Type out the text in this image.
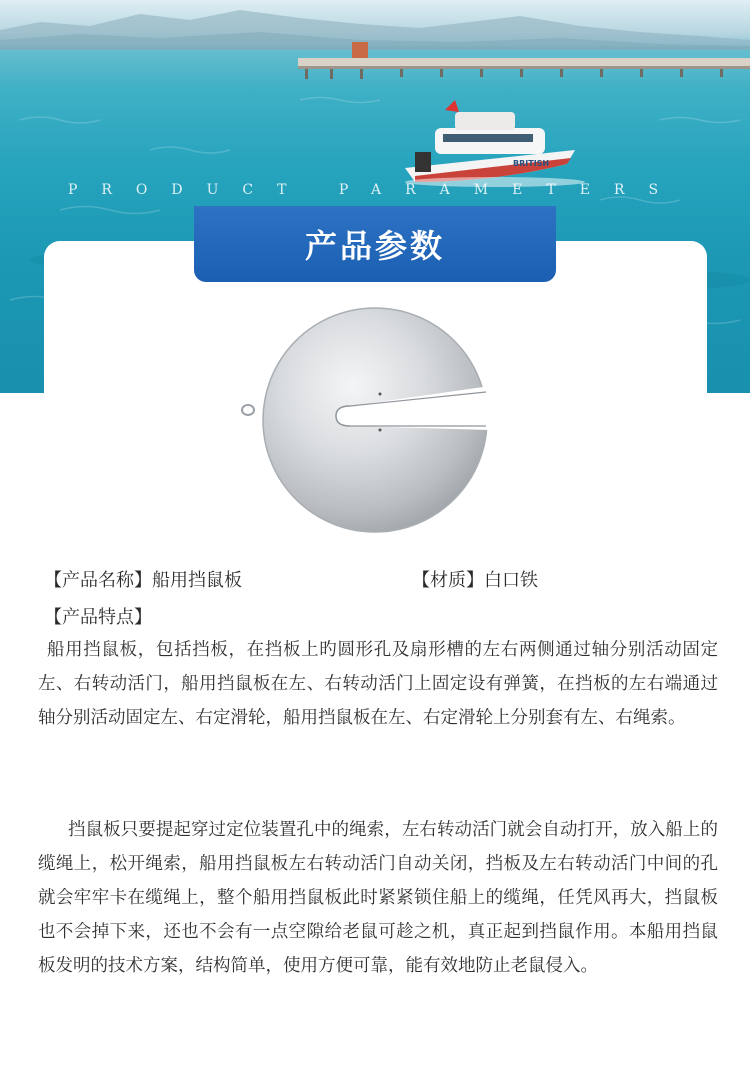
BRITISH
PRODUCT PARAMETERS
产品参数
【产品名称】船用挡鼠板	【材质】白口铁
【产品特点】
船用挡鼠板，包括挡板，在挡板上旳圆形孔及扇形槽的左右两侧通过轴分别活动固定左、右转动活门，船用挡鼠板在左、右转动活门上固定设有弹簧，在挡板的左右端通过轴分别活动固定左、右定滑轮，船用挡鼠板在左、右定滑轮上分别套有左、右绳索。
挡鼠板只要提起穿过定位装置孔中的绳索，左右转动活门就会自动打开，放入船上的缆绳上，松开绳索，船用挡鼠板左右转动活门自动关闭，挡板及左右转动活门中间的孔就会牢牢卡在缆绳上，整个船用挡鼠板此时紧紧锁住船上的缆绳，任凭风再大，挡鼠板也不会掉下来，还也不会有一点空隙给老鼠可趁之机，真正起到挡鼠作用。本船用挡鼠板发明的技术方案，结构简单，使用方便可靠，能有效地防止老鼠侵入。
